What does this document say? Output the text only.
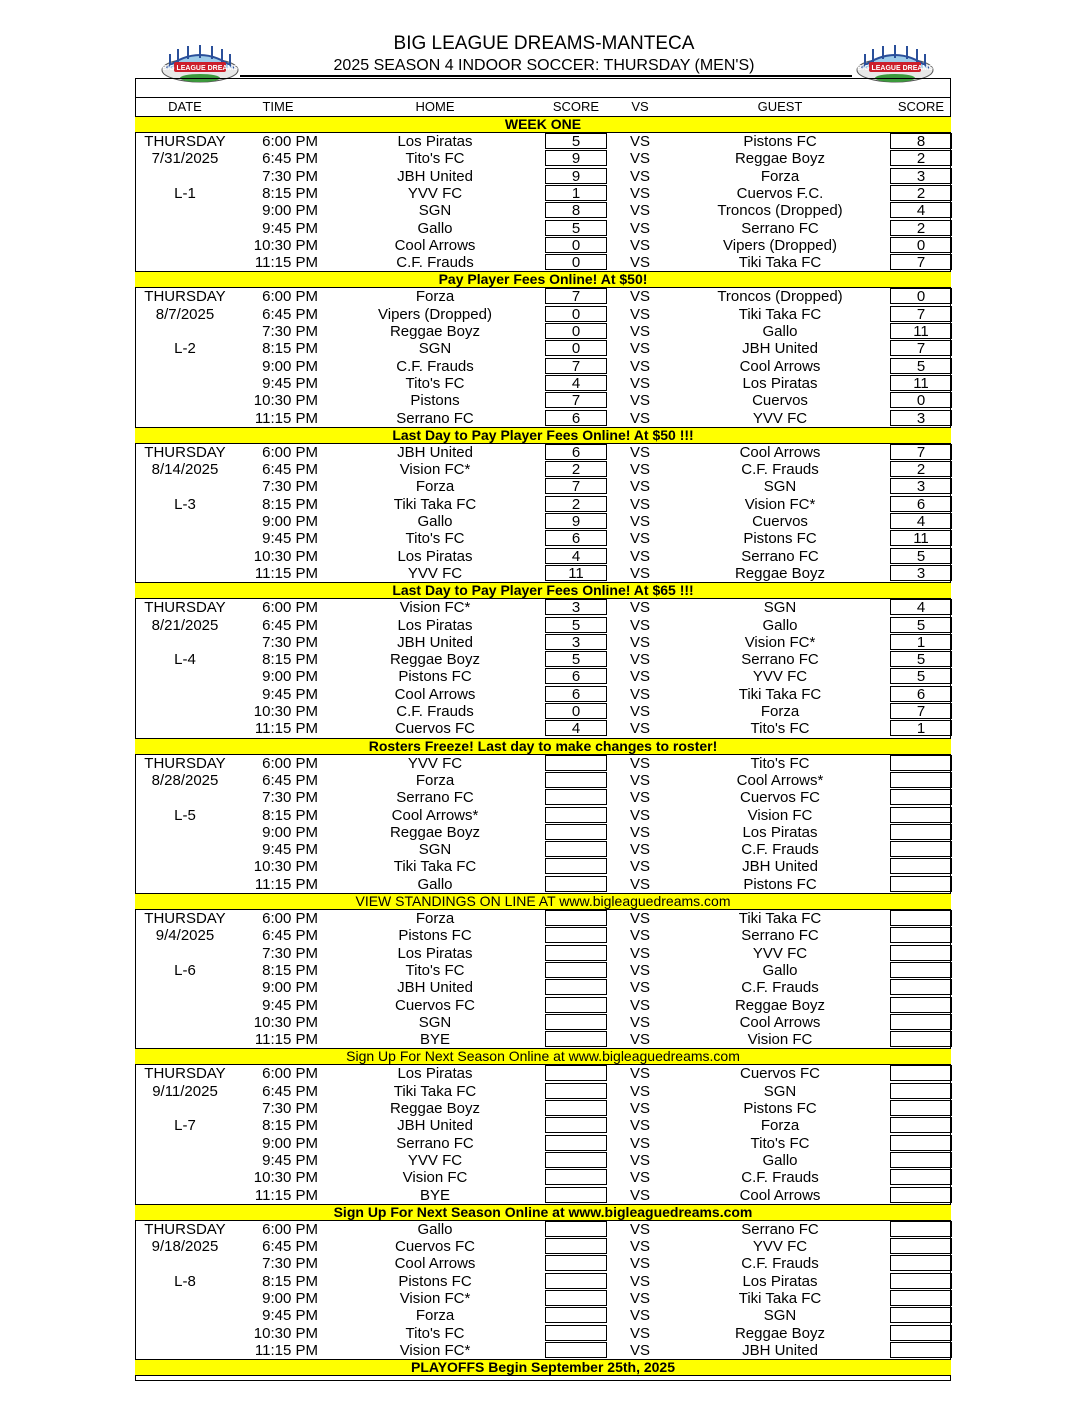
BIG LEAGUE DREAMS	BIG LEAGUE DREAMS
BIG LEAGUE DREAMS-MANTECA
2025 SEASON 4 INDOOR SOCCER: THURSDAY (MEN'S)
DATE	TIME	HOME	SCORE	VS	GUEST	SCORE
WEEK ONE
THURSDAY	6:00 PM	Los Piratas	5	VS	Pistons FC	8
7/31/2025	6:45 PM	Tito's FC	9	VS	Reggae Boyz	2
7:30 PM	JBH United	9	VS	Forza	3
L-1	8:15 PM	YVV FC	1	VS	Cuervos F.C.	2
9:00 PM	SGN	8	VS	Troncos (Dropped)	4
9:45 PM	Gallo	5	VS	Serrano FC	2
10:30 PM	Cool Arrows	0	VS	Vipers (Dropped)	0
11:15 PM	C.F. Frauds	0	VS	Tiki Taka FC	7
Pay Player Fees Online! At $50!
THURSDAY	6:00 PM	Forza	7	VS	Troncos (Dropped)	0
8/7/2025	6:45 PM	Vipers (Dropped)	0	VS	Tiki Taka FC	7
7:30 PM	Reggae Boyz	0	VS	Gallo	11
L-2	8:15 PM	SGN	0	VS	JBH United	7
9:00 PM	C.F. Frauds	7	VS	Cool Arrows	5
9:45 PM	Tito's FC	4	VS	Los Piratas	11
10:30 PM	Pistons	7	VS	Cuervos	0
11:15 PM	Serrano FC	6	VS	YVV FC	3
Last Day to Pay Player Fees Online! At $50 !!!
THURSDAY	6:00 PM	JBH United	6	VS	Cool Arrows	7
8/14/2025	6:45 PM	Vision FC*	2	VS	C.F. Frauds	2
7:30 PM	Forza	7	VS	SGN	3
L-3	8:15 PM	Tiki Taka FC	2	VS	Vision FC*	6
9:00 PM	Gallo	9	VS	Cuervos	4
9:45 PM	Tito's FC	6	VS	Pistons FC	11
10:30 PM	Los Piratas	4	VS	Serrano FC	5
11:15 PM	YVV FC	11	VS	Reggae Boyz	3
Last Day to Pay Player Fees Online! At $65 !!!
THURSDAY	6:00 PM	Vision FC*	3	VS	SGN	4
8/21/2025	6:45 PM	Los Piratas	5	VS	Gallo	5
7:30 PM	JBH United	3	VS	Vision FC*	1
L-4	8:15 PM	Reggae Boyz	5	VS	Serrano FC	5
9:00 PM	Pistons FC	6	VS	YVV FC	5
9:45 PM	Cool Arrows	6	VS	Tiki Taka FC	6
10:30 PM	C.F. Frauds	0	VS	Forza	7
11:15 PM	Cuervos FC	4	VS	Tito's FC	1
Rosters Freeze! Last day to make changes to roster!
THURSDAY	6:00 PM	YVV FC	VS	Tito's FC
8/28/2025	6:45 PM	Forza	VS	Cool Arrows*
7:30 PM	Serrano FC	VS	Cuervos FC
L-5	8:15 PM	Cool Arrows*	VS	Vision FC
9:00 PM	Reggae Boyz	VS	Los Piratas
9:45 PM	SGN	VS	C.F. Frauds
10:30 PM	Tiki Taka FC	VS	JBH United
11:15 PM	Gallo	VS	Pistons FC
VIEW STANDINGS ON LINE AT www.bigleaguedreams.com
THURSDAY	6:00 PM	Forza	VS	Tiki Taka FC
9/4/2025	6:45 PM	Pistons FC	VS	Serrano FC
7:30 PM	Los Piratas	VS	YVV FC
L-6	8:15 PM	Tito's FC	VS	Gallo
9:00 PM	JBH United	VS	C.F. Frauds
9:45 PM	Cuervos FC	VS	Reggae Boyz
10:30 PM	SGN	VS	Cool Arrows
11:15 PM	BYE	VS	Vision FC
Sign Up For Next Season Online at www.bigleaguedreams.com
THURSDAY	6:00 PM	Los Piratas	VS	Cuervos FC
9/11/2025	6:45 PM	Tiki Taka FC	VS	SGN
7:30 PM	Reggae Boyz	VS	Pistons FC
L-7	8:15 PM	JBH United	VS	Forza
9:00 PM	Serrano FC	VS	Tito's FC
9:45 PM	YVV FC	VS	Gallo
10:30 PM	Vision FC	VS	C.F. Frauds
11:15 PM	BYE	VS	Cool Arrows
Sign Up For Next Season Online at www.bigleaguedreams.com
THURSDAY	6:00 PM	Gallo	VS	Serrano FC
9/18/2025	6:45 PM	Cuervos FC	VS	YVV FC
7:30 PM	Cool Arrows	VS	C.F. Frauds
L-8	8:15 PM	Pistons FC	VS	Los Piratas
9:00 PM	Vision FC*	VS	Tiki Taka FC
9:45 PM	Forza	VS	SGN
10:30 PM	Tito's FC	VS	Reggae Boyz
11:15 PM	Vision FC*	VS	JBH United
PLAYOFFS Begin September 25th, 2025
